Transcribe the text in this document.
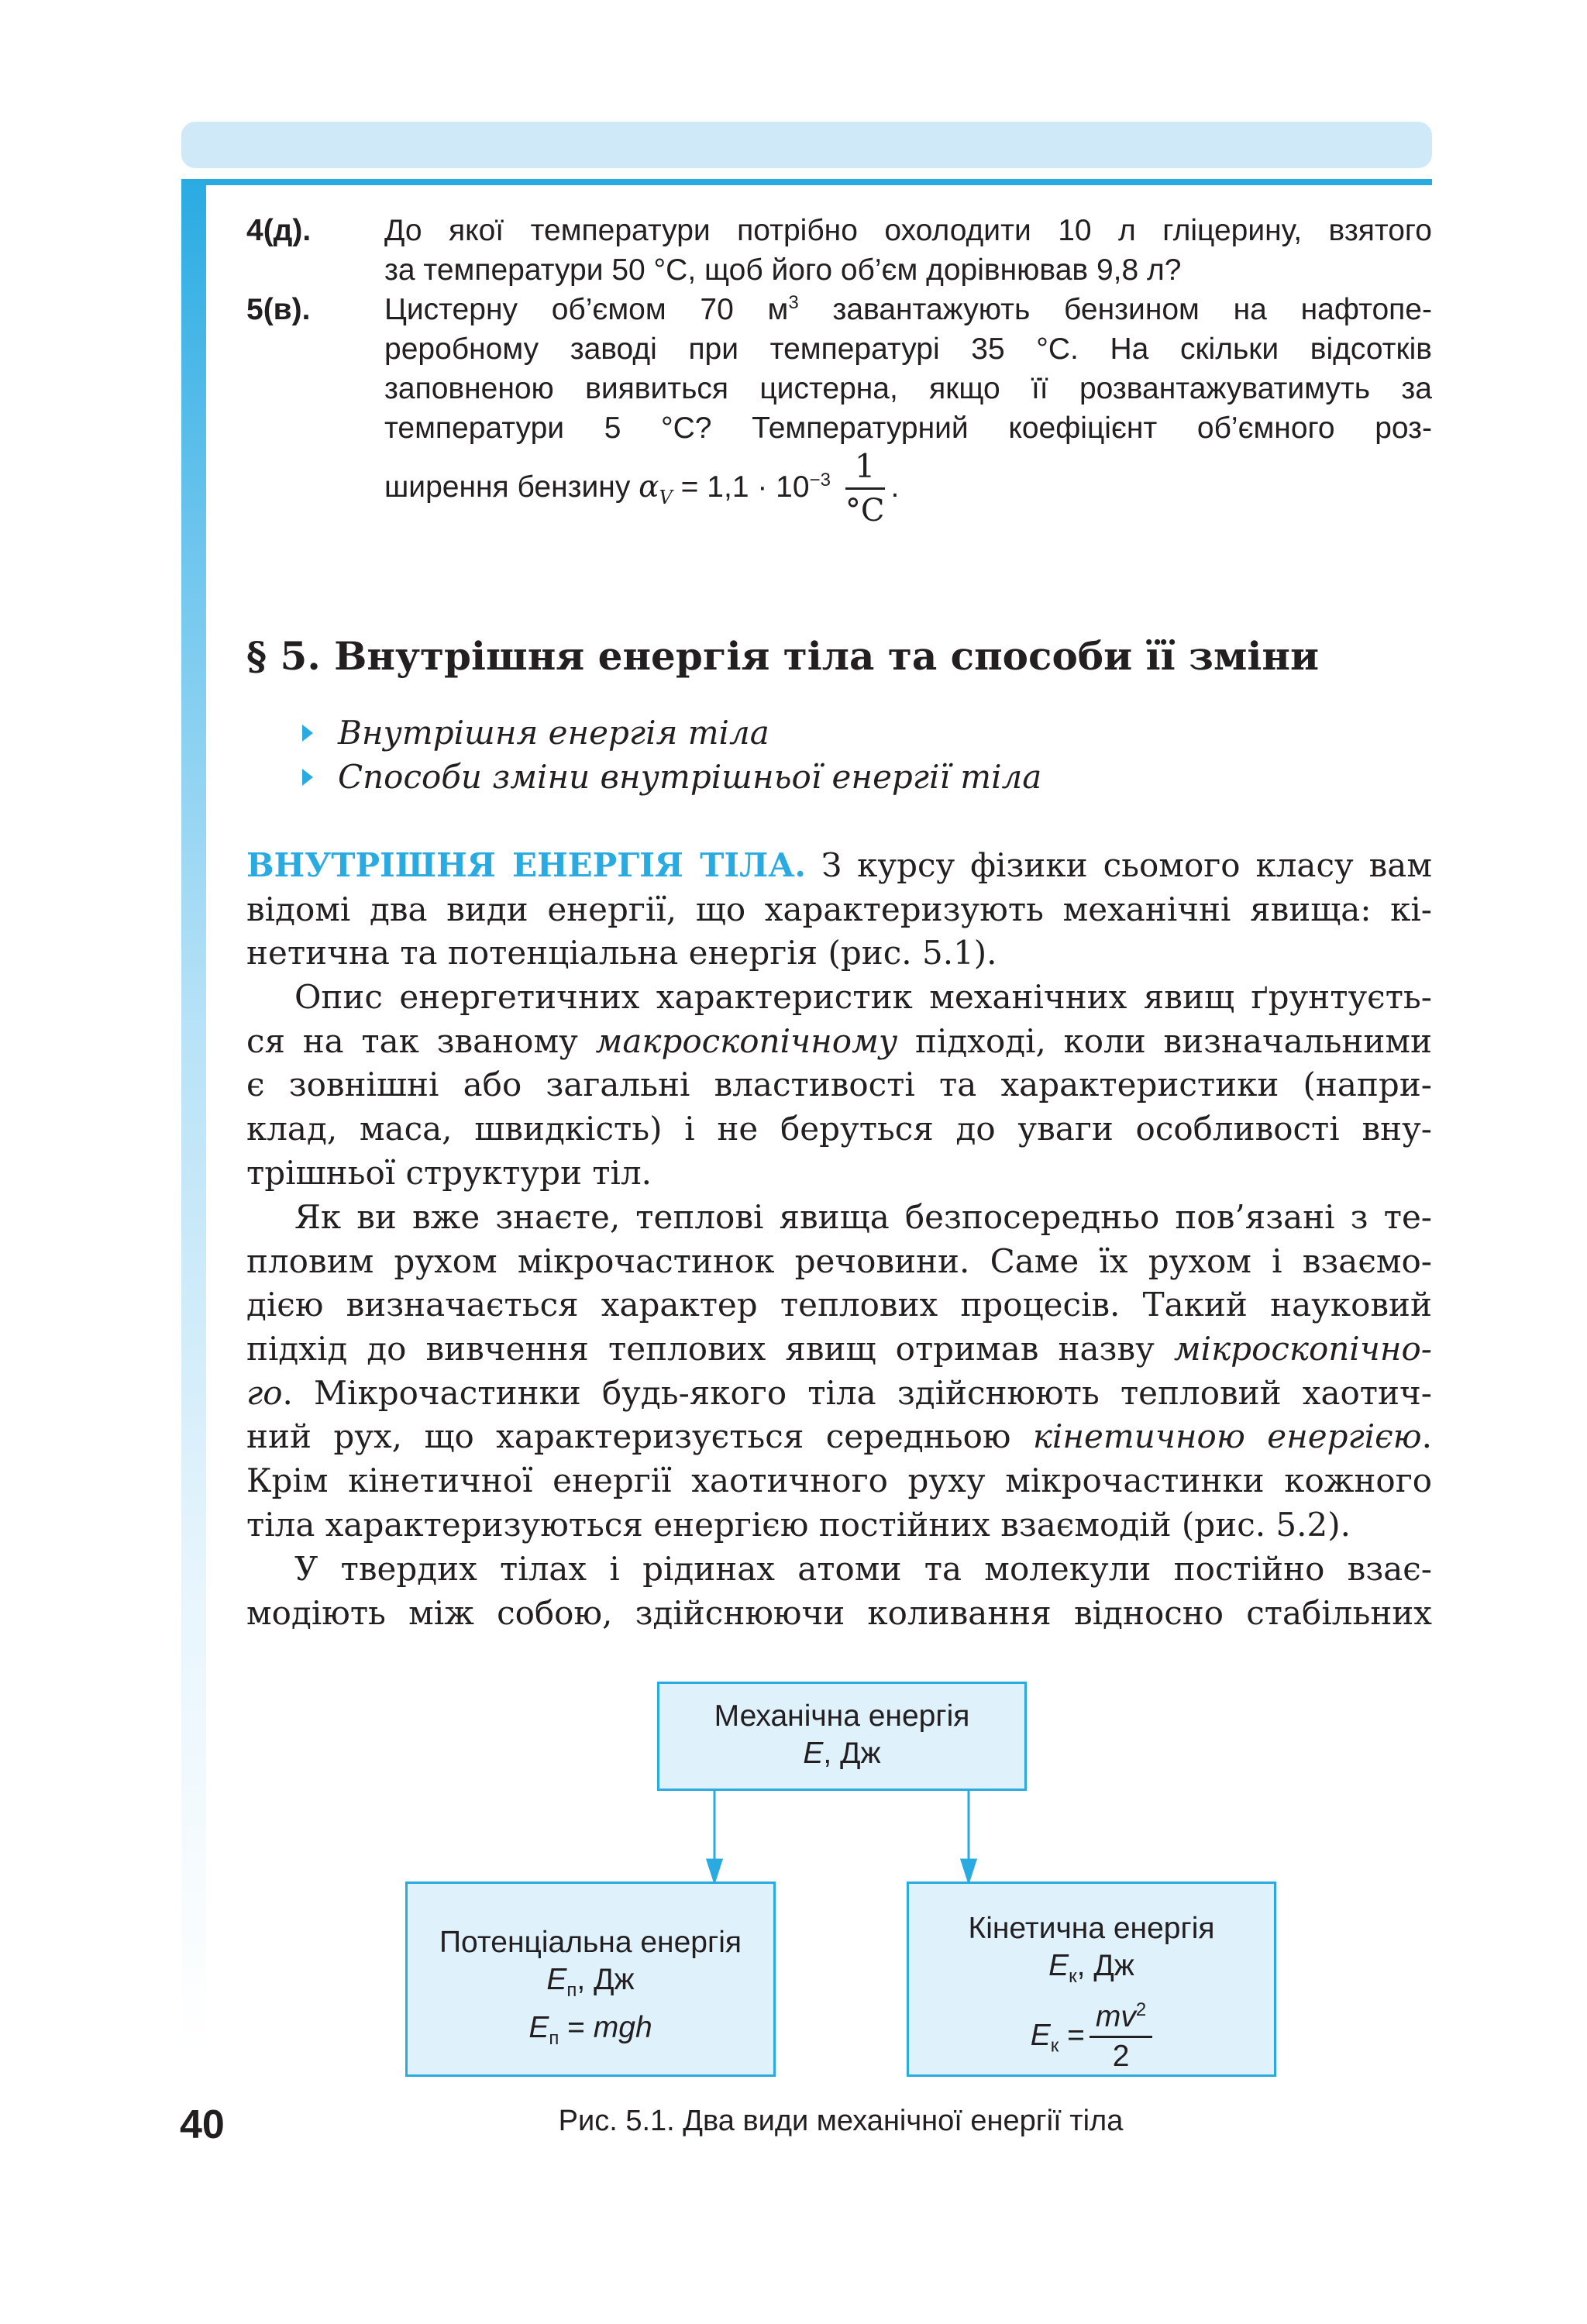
4(д). До якої температури потрібно охолодити 10 л гліцерину, взятого
за температури 50 °С, щоб його об’єм дорівнював 9,8 л?
5(в). Цистерну об’ємом 70 $м^3$ завантажують бензином на нафтопе-
реробному заводі при температурі 35 °С. На скільки відсотків
заповненою виявиться цистерна, якщо її розвантажуватимуть за
температури 5 °С? Температурний коефіцієнт об’ємного роз-
ширення бензину $\alpha_V = 1,1 \cdot 10^{-3} \frac{1}{^\circ C}$ .
§ 5. Внутрішня енергія тіла та способи її зміни
Внутрішня енергія тіла
Способи зміни внутрішньої енергії тіла
ВНУТРІШНЯ ЕНЕРГІЯ ТІЛА. З курсу фізики сьомого класу вам
відомі два види енергії, що характеризують механічні явища: кі-
нетична та потенціальна енергія (рис. 5.1).
Опис енергетичних характеристик механічних явищ ґрунтуєть-
ся на так званому макроскопічному підході, коли визначальними
є зовнішні або загальні властивості та характеристики (напри-
клад, маса, швидкість) і не беруться до уваги особливості вну-
трішньої структури тіл.
Як ви вже знаєте, теплові явища безпосередньо пов’язані з те-
пловим рухом мікрочастинок речовини. Саме їх рухом і взаємо-
дією визначається характер теплових процесів. Такий науковий
підхід до вивчення теплових явищ отримав назву мікроскопічно-
го. Мікрочастинки будь-якого тіла здійснюють тепловий хаотич-
ний рух, що характеризується середньою кінетичною енергією.
Крім кінетичної енергії хаотичного руху мікрочастинки кожного
тіла характеризуються енергією постійних взаємодій (рис. 5.2).
У твердих тілах і рідинах атоми та молекули постійно взає-
модіють між собою, здійснюючи коливання відносно стабільних
Механічна енергія
E, Дж
Потенціальна енергія
$E_п$, Дж
$E_п$ = mgh
Кінетична енергія
$E_к$, Дж
$E_к = \frac{mv^2}{2}$
Рис. 5.1. Два види механічної енергії тіла
40
